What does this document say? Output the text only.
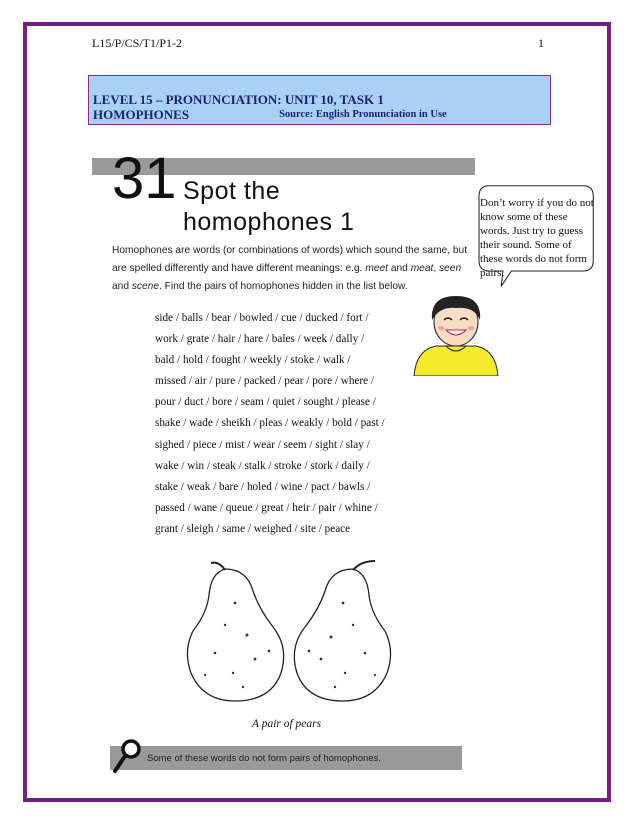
L15/P/CS/T1/P1-2	1
LEVEL 15 – PRONUNCIATION: UNIT 10, TASK 1
HOMOPHONES	Source: English Pronunciation in Use
31 Spot the
homophones 1
Homophones are words (or combinations of words) which sound the same, but are spelled differently and have different meanings: e.g. meet and meat, seen and scene. Find the pairs of homophones hidden in the list below.
Don’t worry if you do not know some of these words. Just try to guess their sound. Some of these words do not form pairs.
side / balls / bear / bowled / cue / ducked / fort /
work / grate / hair / hare / bales / week / dally /
bald / hold / fought / weekly / stoke / walk /
missed / air / pure / packed / pear / pore / where /
pour / duct / bore / seam / quiet / sought / please /
shake / wade / sheikh / pleas / weakly / bold / past /
sighed / piece / mist / wear / seem / sight / slay /
wake / win / steak / stalk / stroke / stork / daily /
stake / weak / bare / holed / wine / pact / bawls /
passed / wane / queue / great / heir / pair / whine /
grant / sleigh / same / weighed / site / peace
A pair of pears
Some of these words do not form pairs of homophones.
